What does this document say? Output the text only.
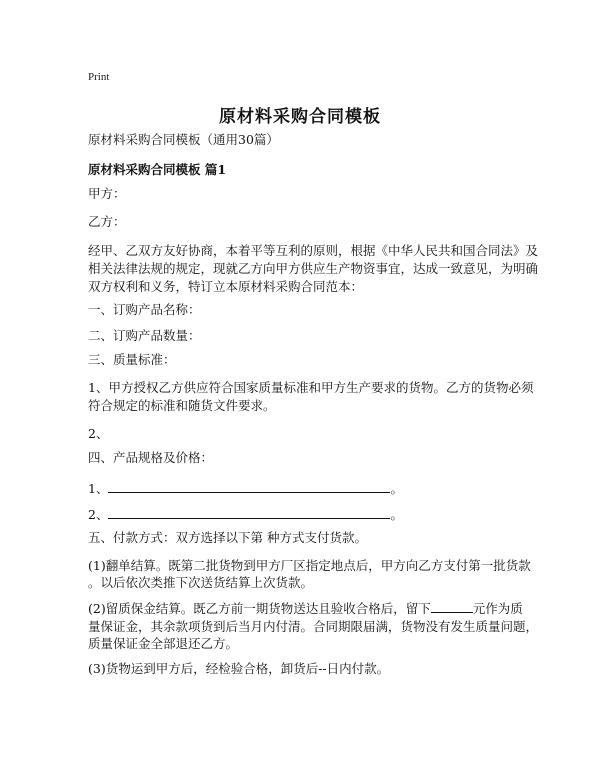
Print
原材料采购合同模板
原材料采购合同模板（通用30篇）
原材料采购合同模板 篇1
甲方：
乙方：
经甲、乙双方友好协商，本着平等互利的原则，根据《中华人民共和国合同法》及
相关法律法规的规定，现就乙方向甲方供应生产物资事宜，达成一致意见，为明确
双方权利和义务，特订立本原材料采购合同范本：
一、订购产品名称：
二、订购产品数量：
三、质量标准：
1、甲方授权乙方供应符合国家质量标准和甲方生产要求的货物。乙方的货物必须
符合规定的标准和随货文件要求。
2、
四、产品规格及价格：
1、	。
2、	。
五、付款方式：双方选择以下第 种方式支付货款。
(1)翻单结算。既第二批货物到甲方厂区指定地点后，甲方向乙方支付第一批货款
。以后依次类推下次送货结算上次货款。
(2)留质保金结算。既乙方前一期货物送达且验收合格后，留下	元作为质
量保证金，其余款项货到后当月内付清。合同期限届满，货物没有发生质量问题，
质量保证金全部退还乙方。
(3)货物运到甲方后，经检验合格，卸货后--日内付款。
